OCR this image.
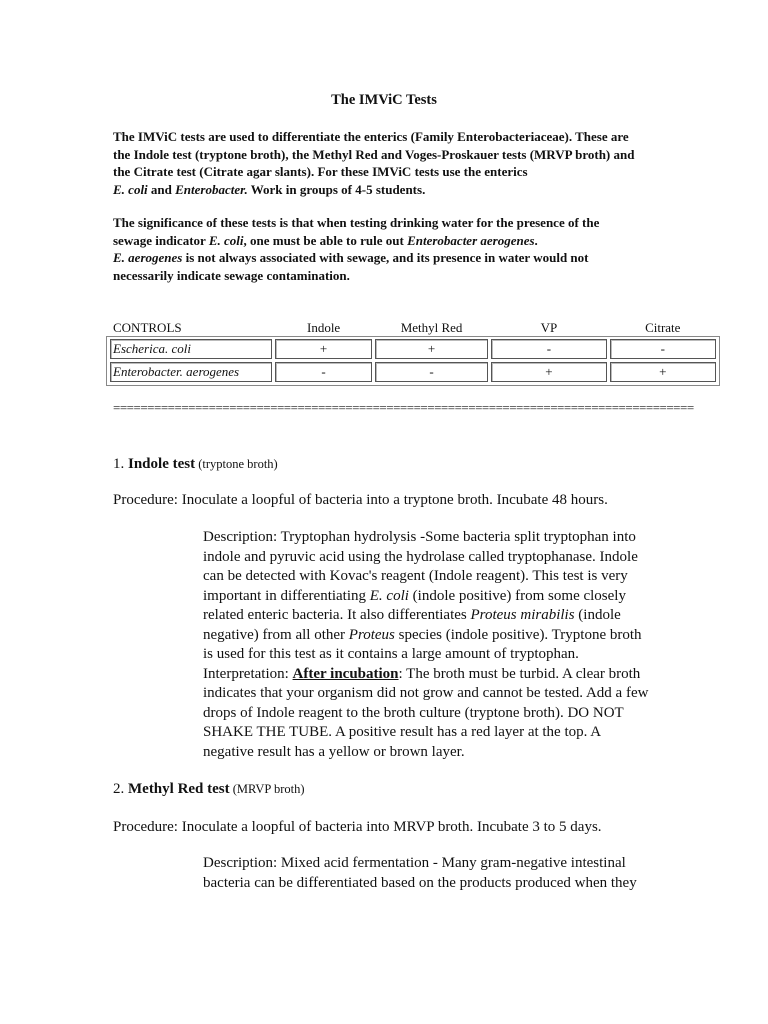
The IMViC Tests
The IMViC tests are used to differentiate the enterics (Family Enterobacteriaceae). These are
the Indole test (tryptone broth), the Methyl Red and Voges-Proskauer tests (MRVP broth) and
the Citrate test (Citrate agar slants). For these IMViC tests use the enterics
E. coli and Enterobacter. Work in groups of 4-5 students.
The significance of these tests is that when testing drinking water for the presence of the
sewage indicator E. coli, one must be able to rule out Enterobacter aerogenes.
E. aerogenes is not always associated with sewage, and its presence in water would not
necessarily indicate sewage contamination.
CONTROLS	Indole	Methyl Red	VP	Citrate
Escherica. coli	+	+	-	-
Enterobacter. aerogenes	-	-	+	+
=====================================================================================
1. Indole test (tryptone broth)
Procedure: Inoculate a loopful of bacteria into a tryptone broth. Incubate 48 hours.
Description: Tryptophan hydrolysis -Some bacteria split tryptophan into
indole and pyruvic acid using the hydrolase called tryptophanase. Indole
can be detected with Kovac's reagent (Indole reagent). This test is very
important in differentiating E. coli (indole positive) from some closely
related enteric bacteria. It also differentiates Proteus mirabilis (indole
negative) from all other Proteus species (indole positive). Tryptone broth
is used for this test as it contains a large amount of tryptophan.
Interpretation: After incubation: The broth must be turbid. A clear broth
indicates that your organism did not grow and cannot be tested. Add a few
drops of Indole reagent to the broth culture (tryptone broth). DO NOT
SHAKE THE TUBE. A positive result has a red layer at the top. A
negative result has a yellow or brown layer.
2. Methyl Red test (MRVP broth)
Procedure: Inoculate a loopful of bacteria into MRVP broth. Incubate 3 to 5 days.
Description: Mixed acid fermentation - Many gram-negative intestinal
bacteria can be differentiated based on the products produced when they
